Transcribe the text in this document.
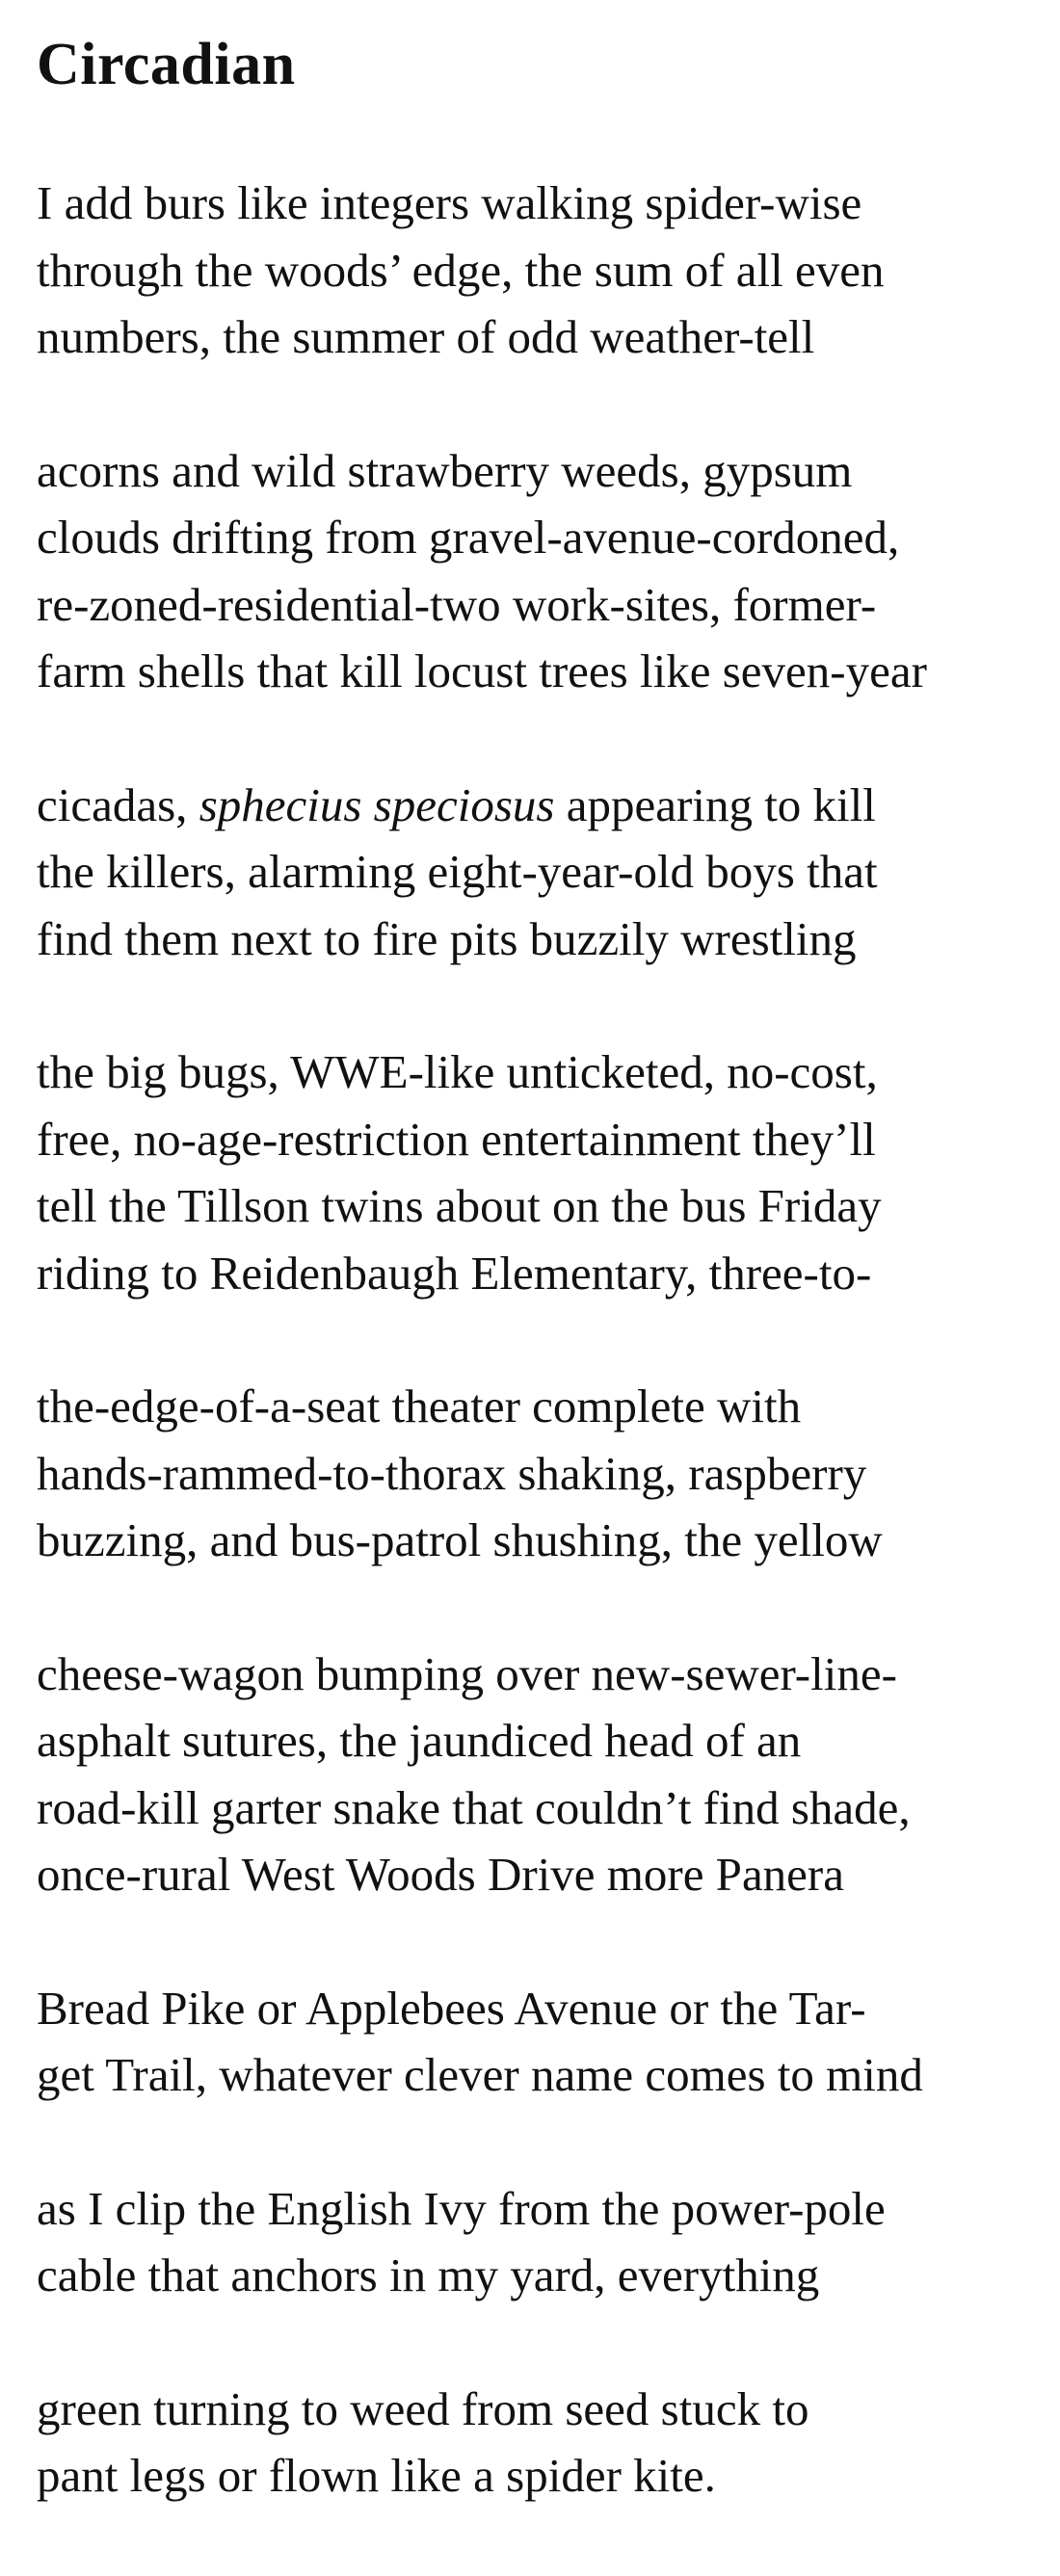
Circadian
I add burs like integers walking spider-wise
through the woods’ edge, the sum of all even
numbers, the summer of odd weather-tell
acorns and wild strawberry weeds, gypsum
clouds drifting from gravel-avenue-cordoned,
re-zoned-residential-two work-sites, former-
farm shells that kill locust trees like seven-year
cicadas, sphecius speciosus appearing to kill
the killers, alarming eight-year-old boys that
find them next to fire pits buzzily wrestling
the big bugs, WWE-like unticketed, no-cost,
free, no-age-restriction entertainment they’ll
tell the Tillson twins about on the bus Friday
riding to Reidenbaugh Elementary, three-to-
the-edge-of-a-seat theater complete with
hands-rammed-to-thorax shaking, raspberry
buzzing, and bus-patrol shushing, the yellow
cheese-wagon bumping over new-sewer-line-
asphalt sutures, the jaundiced head of an
road-kill garter snake that couldn’t find shade,
once-rural West Woods Drive more Panera
Bread Pike or Applebees Avenue or the Tar-
get Trail, whatever clever name comes to mind
as I clip the English Ivy from the power-pole
cable that anchors in my yard, everything
green turning to weed from seed stuck to
pant legs or flown like a spider kite.
